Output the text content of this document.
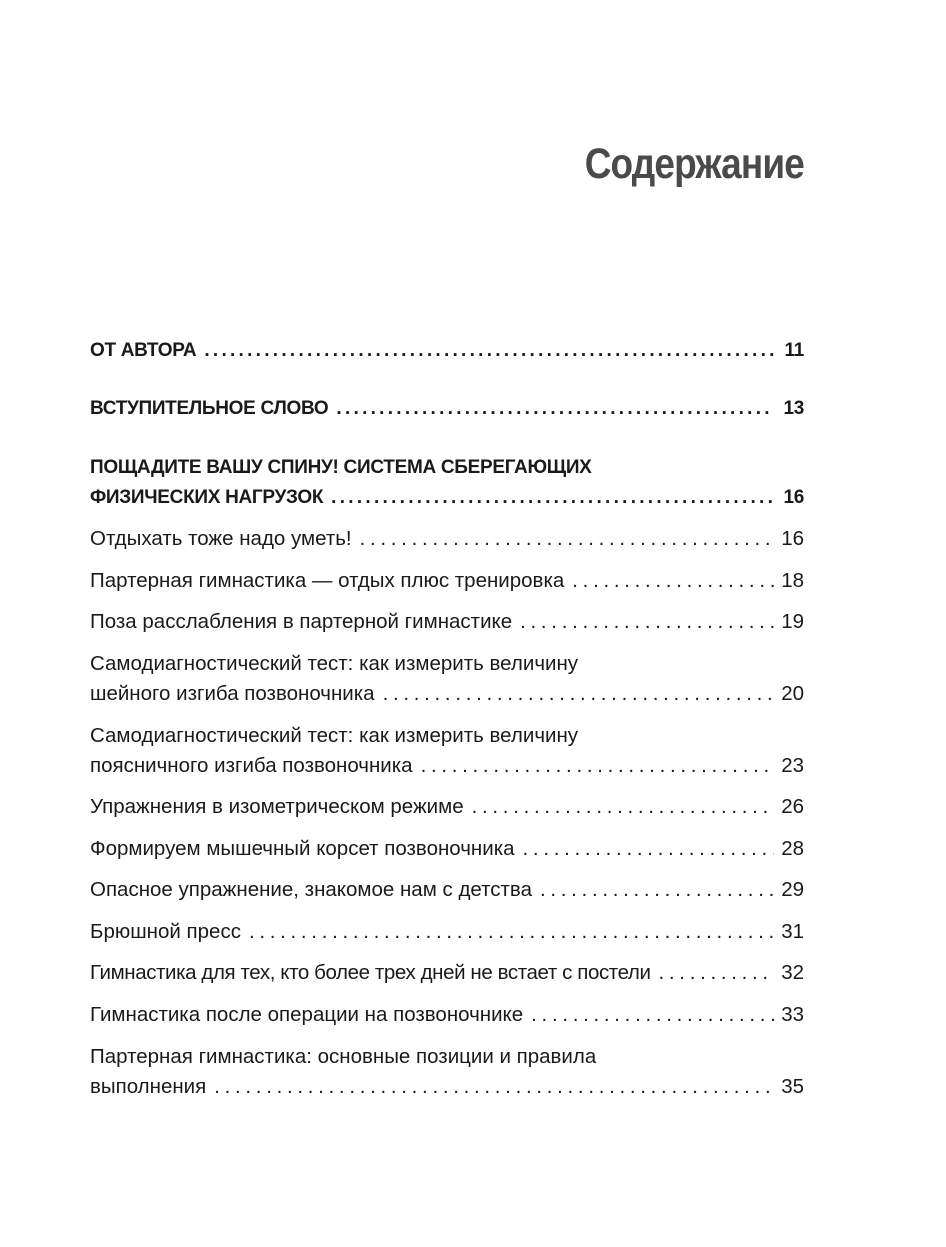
Содержание
ОТ АВТОРА . . .	11
ВСТУПИТЕЛЬНОЕ СЛОВО . . .	13
ПОЩАДИТЕ ВАШУ СПИНУ! СИСТЕМА СБЕРЕГАЮЩИХ
ФИЗИЧЕСКИХ НАГРУЗОК . . .	16
Отдыхать тоже надо уметь! . . .	16
Партерная гимнастика — отдых плюс тренировка . . .	18
Поза расслабления в партерной гимнастике . . .	19
Самодиагностический тест: как измерить величину
шейного изгиба позвоночника . . .	20
Самодиагностический тест: как измерить величину
поясничного изгиба позвоночника . . .	23
Упражнения в изометрическом режиме . . .	26
Формируем мышечный корсет позвоночника . . .	28
Опасное упражнение, знакомое нам с детства . . .	29
Брюшной пресс . . .	31
Гимнастика для тех, кто более трех дней не встает с постели . . .	32
Гимнастика после операции на позвоночнике . . .	33
Партерная гимнастика: основные позиции и правила
выполнения . . .	35
